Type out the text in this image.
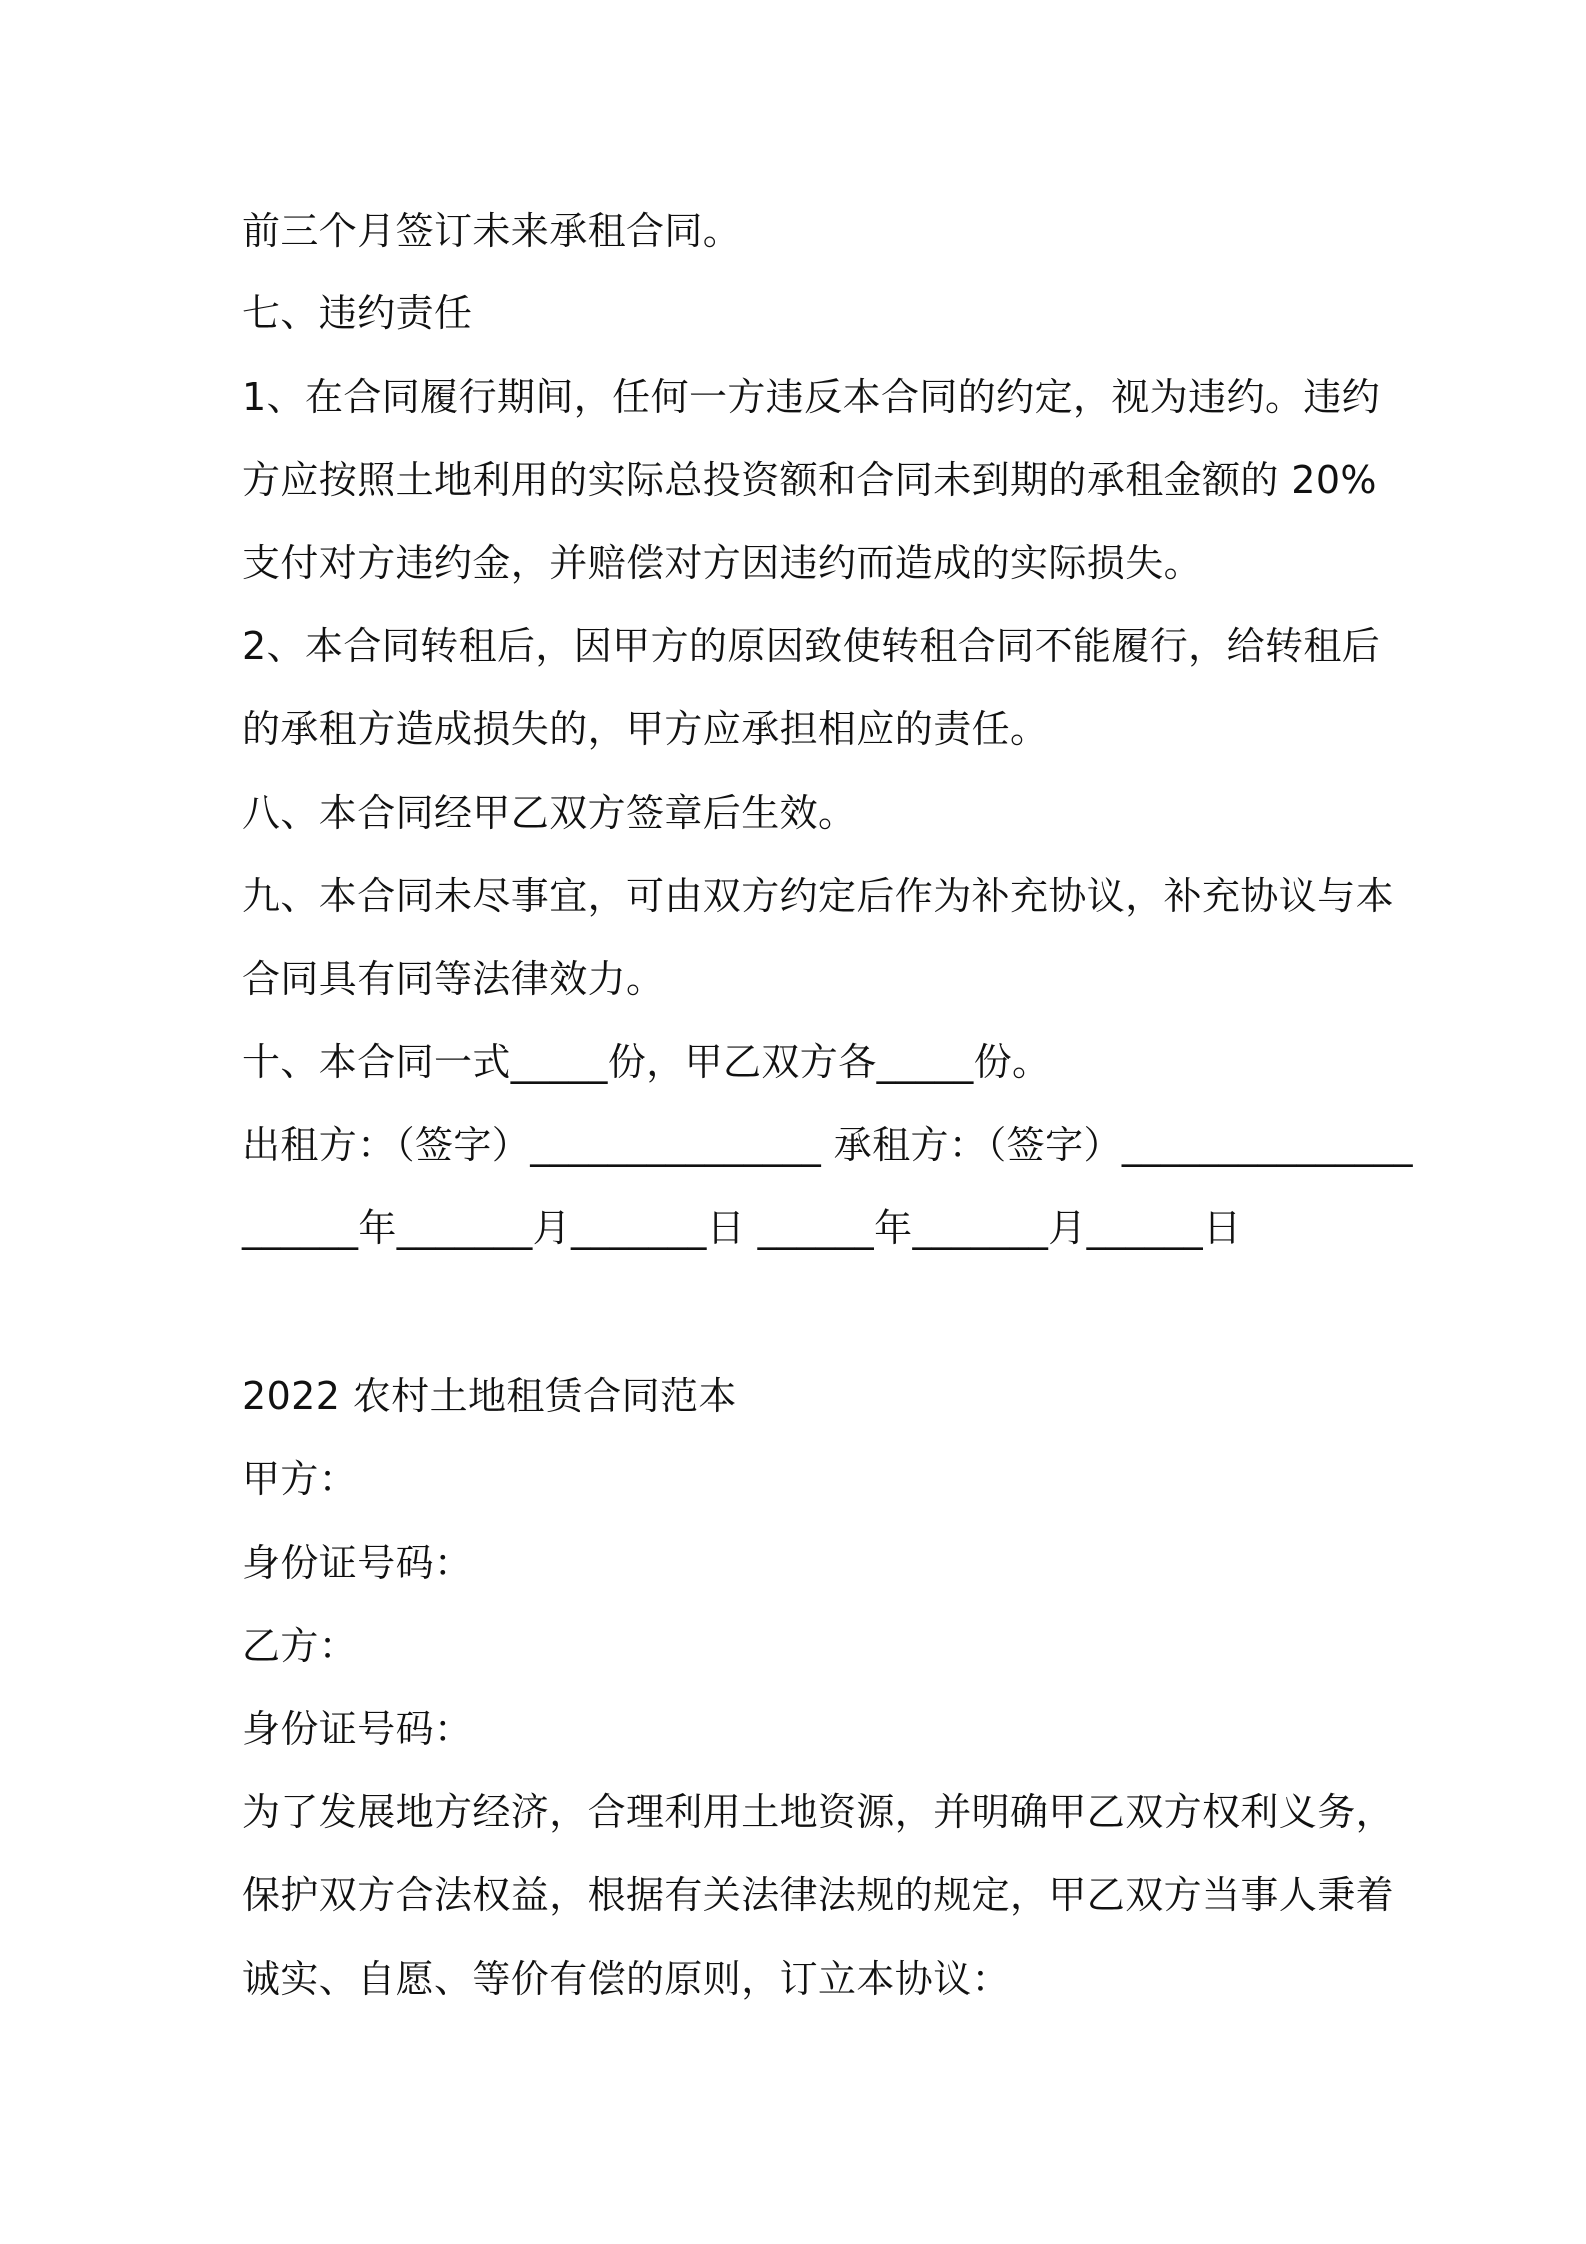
前三个月签订未来承租合同。
七、违约责任
1、在合同履行期间，任何一方违反本合同的约定，视为违约。违约
方应按照土地利用的实际总投资额和合同未到期的承租金额的 20%
支付对方违约金，并赔偿对方因违约而造成的实际损失。
2、本合同转租后，因甲方的原因致使转租合同不能履行，给转租后
的承租方造成损失的，甲方应承担相应的责任。
八、本合同经甲乙双方签章后生效。
九、本合同未尽事宜，可由双方约定后作为补充协议，补充协议与本
合同具有同等法律效力。
十、本合同一式_____份，甲乙双方各_____份。
出租方：（签字）_______________ 承租方：（签字）_______________
______年_______月_______日 ______年_______月______日
2022 农村土地租赁合同范本
甲方：
身份证号码：
乙方：
身份证号码：
为了发展地方经济，合理利用土地资源，并明确甲乙双方权利义务，
保护双方合法权益，根据有关法律法规的规定，甲乙双方当事人秉着
诚实、自愿、等价有偿的原则，订立本协议：
